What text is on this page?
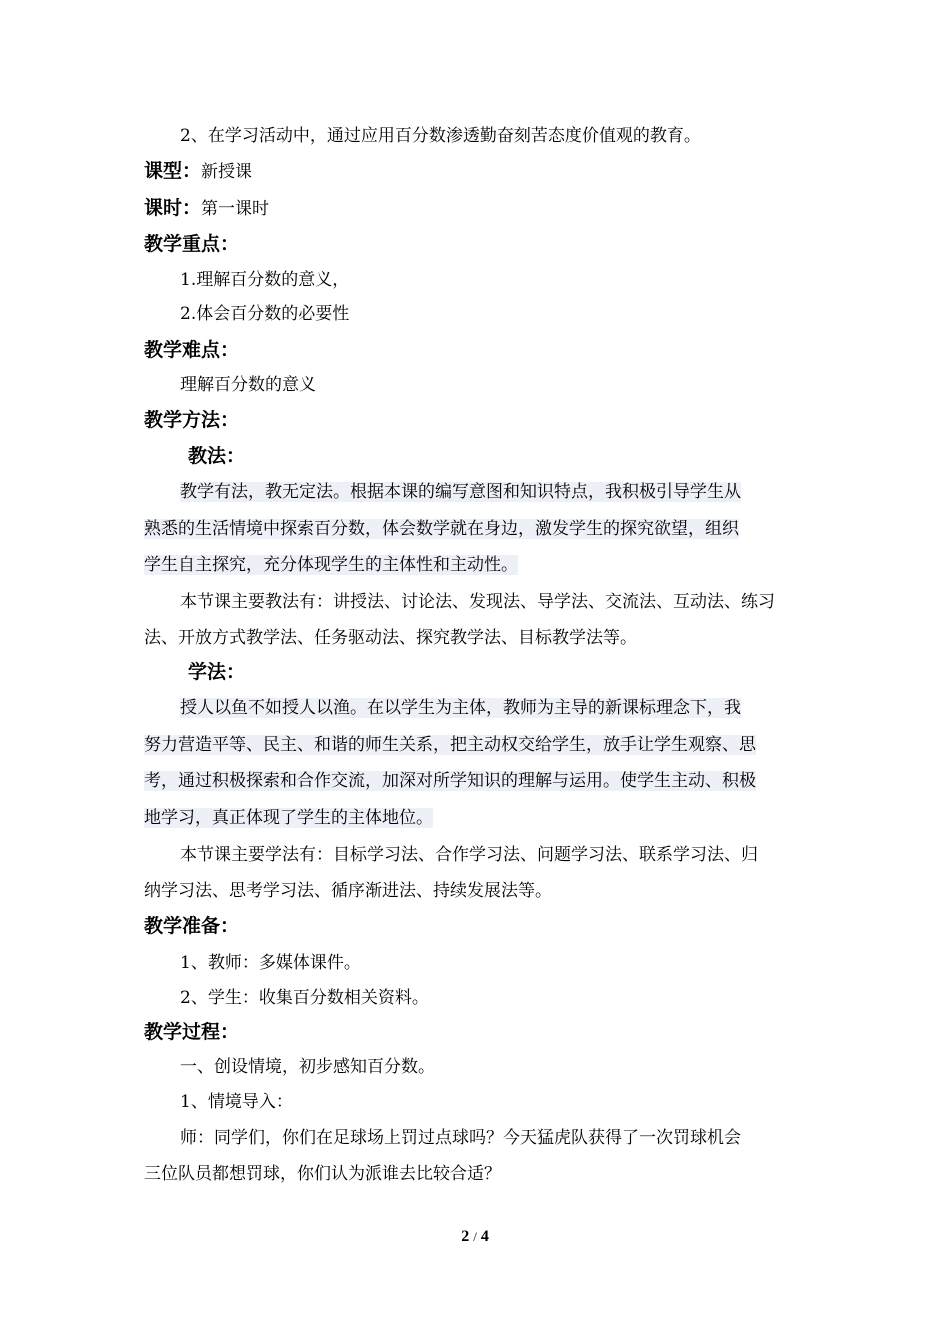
2、在学习活动中，通过应用百分数渗透勤奋刻苦态度价值观的教育。
课型：新授课
课时：第一课时
教学重点：
1.理解百分数的意义，
2.体会百分数的必要性
教学难点：
理解百分数的意义
教学方法：
教法：
教学有法，教无定法。根据本课的编写意图和知识特点，我积极引导学生从
熟悉的生活情境中探索百分数，体会数学就在身边，激发学生的探究欲望，组织
学生自主探究，充分体现学生的主体性和主动性。
本节课主要教法有：讲授法、讨论法、发现法、导学法、交流法、互动法、练习
法、开放方式教学法、任务驱动法、探究教学法、目标教学法等。
学法：
授人以鱼不如授人以渔。在以学生为主体，教师为主导的新课标理念下，我
努力营造平等、民主、和谐的师生关系，把主动权交给学生，放手让学生观察、思
考，通过积极探索和合作交流，加深对所学知识的理解与运用。使学生主动、积极
地学习，真正体现了学生的主体地位。
本节课主要学法有：目标学习法、合作学习法、问题学习法、联系学习法、归
纳学习法、思考学习法、循序渐进法、持续发展法等。
教学准备：
1、教师：多媒体课件。
2、学生：收集百分数相关资料。
教学过程：
一、创设情境，初步感知百分数。
1、情境导入：
师：同学们，你们在足球场上罚过点球吗？今天猛虎队获得了一次罚球机会
三位队员都想罚球，你们认为派谁去比较合适？
2 / 4
